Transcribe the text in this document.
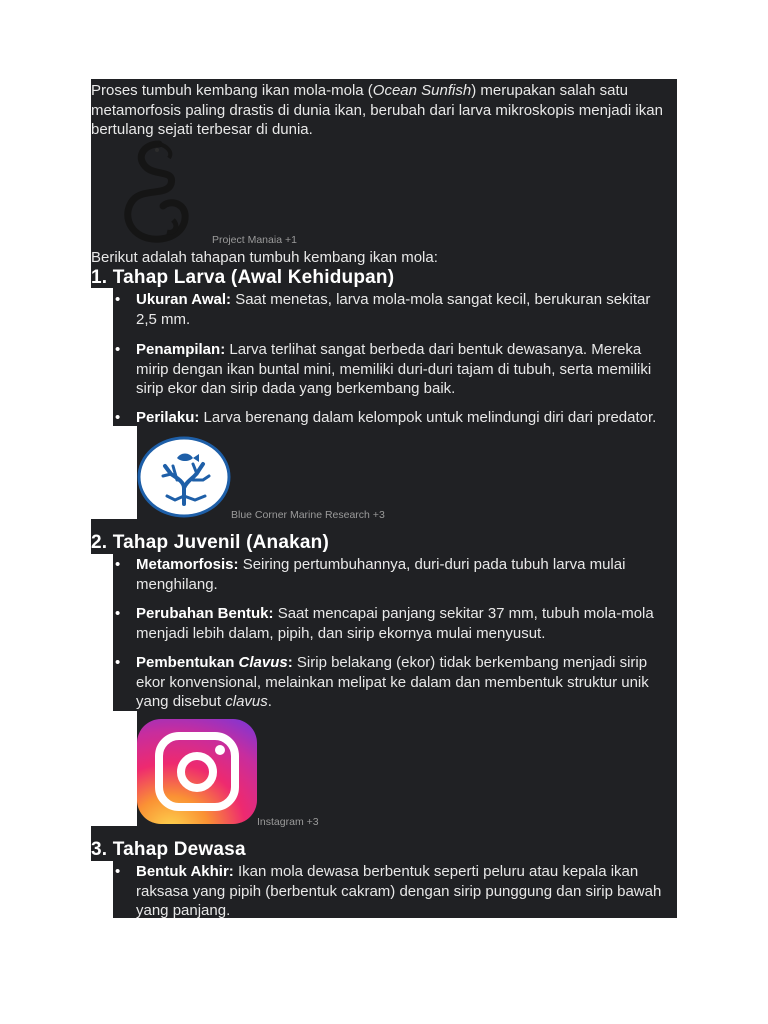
Proses tumbuh kembang ikan mola-mola (Ocean Sunfish) merupakan salah satu metamorfosis paling drastis di dunia ikan, berubah dari larva mikroskopis menjadi ikan bertulang sejati terbesar di dunia.

Project Manaia +1

Berikut adalah tahapan tumbuh kembang ikan mola:

1. Tahap Larva (Awal Kehidupan)
• Ukuran Awal: Saat menetas, larva mola-mola sangat kecil, berukuran sekitar 2,5 mm.

• Penampilan: Larva terlihat sangat berbeda dari bentuk dewasanya. Mereka mirip dengan ikan buntal mini, memiliki duri-duri tajam di tubuh, serta memiliki sirip ekor dan sirip dada yang berkembang baik.

• Perilaku: Larva berenang dalam kelompok untuk melindungi diri dari predator.

Blue Corner Marine Research +3
2. Tahap Juvenil (Anakan)
• Metamorfosis: Seiring pertumbuhannya, duri-duri pada tubuh larva mulai menghilang.

• Perubahan Bentuk: Saat mencapai panjang sekitar 37 mm, tubuh mola-mola menjadi lebih dalam, pipih, dan sirip ekornya mulai menyusut.

• Pembentukan Clavus: Sirip belakang (ekor) tidak berkembang menjadi sirip ekor konvensional, melainkan melipat ke dalam dan membentuk struktur unik yang disebut clavus.

Instagram +3
3. Tahap Dewasa
• Bentuk Akhir: Ikan mola dewasa berbentuk seperti peluru atau kepala ikan raksasa yang pipih (berbentuk cakram) dengan sirip punggung dan sirip bawah yang panjang.
